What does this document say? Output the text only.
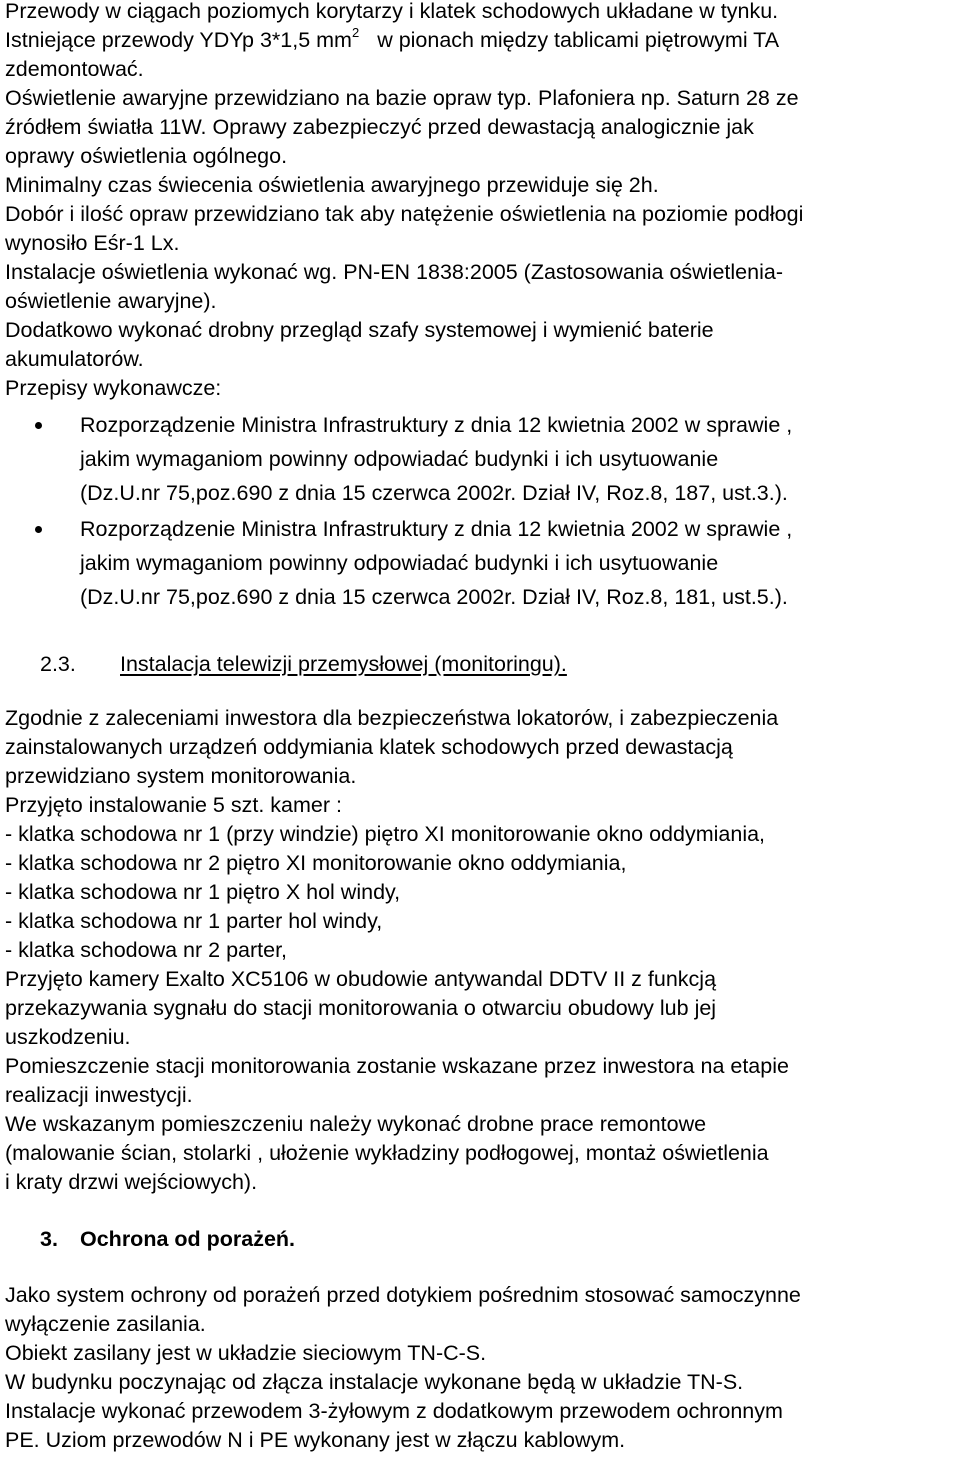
Przewody w ciągach poziomych korytarzy i klatek schodowych układane w tynku.
Istniejące przewody YDYp 3*1,5 $mm^2$ w pionach między tablicami piętrowymi TA
zdemontować.
Oświetlenie awaryjne przewidziano na bazie opraw typ. Plafoniera np. Saturn 28 ze
źródłem światła 11W. Oprawy zabezpieczyć przed dewastacją analogicznie jak
oprawy oświetlenia ogólnego.
Minimalny czas świecenia oświetlenia awaryjnego przewiduje się 2h.
Dobór i ilość opraw przewidziano tak aby natężenie oświetlenia na poziomie podłogi
wynosiło Eśr-1 Lx.
Instalacje oświetlenia wykonać wg. PN-EN 1838:2005 (Zastosowania oświetlenia-
oświetlenie awaryjne).
Dodatkowo wykonać drobny przegląd szafy systemowej i wymienić baterie
akumulatorów.
Przepisy wykonawcze:
Rozporządzenie Ministra Infrastruktury z dnia 12 kwietnia 2002 w sprawie ,
jakim wymaganiom powinny odpowiadać budynki i ich usytuowanie
(Dz.U.nr 75,poz.690 z dnia 15 czerwca 2002r. Dział IV, Roz.8, 187, ust.3.).
Rozporządzenie Ministra Infrastruktury z dnia 12 kwietnia 2002 w sprawie ,
jakim wymaganiom powinny odpowiadać budynki i ich usytuowanie
(Dz.U.nr 75,poz.690 z dnia 15 czerwca 2002r. Dział IV, Roz.8, 181, ust.5.).
2.3. Instalacja telewizji przemysłowej (monitoringu).
Zgodnie z zaleceniami inwestora dla bezpieczeństwa lokatorów, i zabezpieczenia
zainstalowanych urządzeń oddymiania klatek schodowych przed dewastacją
przewidziano system monitorowania.
Przyjęto instalowanie 5 szt. kamer :
- klatka schodowa nr 1 (przy windzie) piętro XI monitorowanie okno oddymiania,
- klatka schodowa nr 2 piętro XI monitorowanie okno oddymiania,
- klatka schodowa nr 1 piętro X hol windy,
- klatka schodowa nr 1 parter hol windy,
- klatka schodowa nr 2 parter,
Przyjęto kamery Exalto XC5106 w obudowie antywandal DDTV II z funkcją
przekazywania sygnału do stacji monitorowania o otwarciu obudowy lub jej
uszkodzeniu.
Pomieszczenie stacji monitorowania zostanie wskazane przez inwestora na etapie
realizacji inwestycji.
We wskazanym pomieszczeniu należy wykonać drobne prace remontowe
(malowanie ścian, stolarki , ułożenie wykładziny podłogowej, montaż oświetlenia
i kraty drzwi wejściowych).
3. Ochrona od porażeń.
Jako system ochrony od porażeń przed dotykiem pośrednim stosować samoczynne
wyłączenie zasilania.
Obiekt zasilany jest w układzie sieciowym TN-C-S.
W budynku poczynając od złącza instalacje wykonane będą w układzie TN-S.
Instalacje wykonać przewodem 3-żyłowym z dodatkowym przewodem ochronnym
PE. Uziom przewodów N i PE wykonany jest w złączu kablowym.
